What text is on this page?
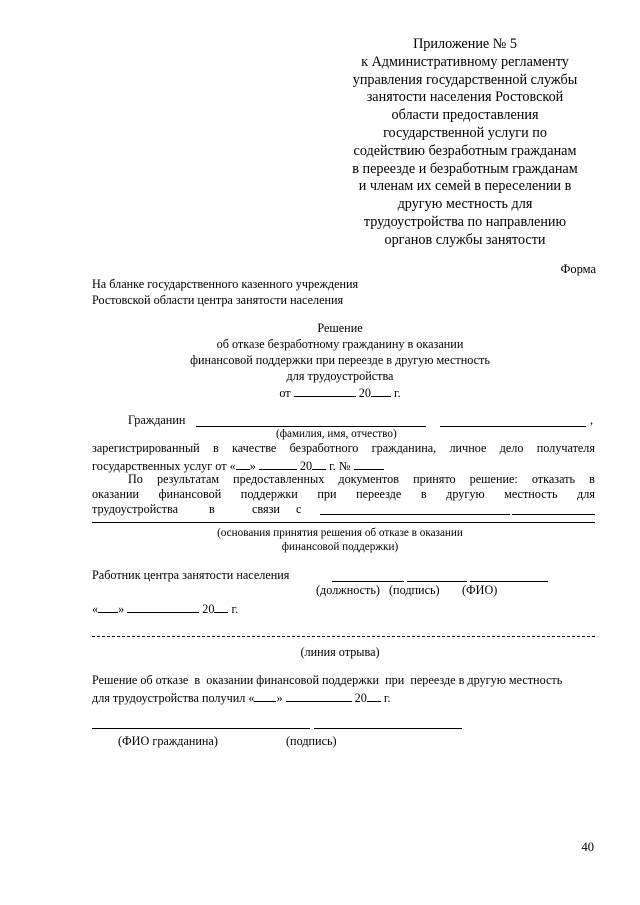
Приложение № 5
к Административному регламенту
управления государственной службы
занятости населения Ростовской
области предоставления
государственной услуги по
содействию безработным гражданам
в переезде и безработным гражданам
и членам их семей в переселении в
другую местность для
трудоустройства по направлению
органов службы занятости
Форма
На бланке государственного казенного учреждения
Ростовской области центра занятости населения
Решение
об отказе безработному гражданину в оказании
финансовой поддержки при переезде в другую местность
для трудоустройства
от	20 г.
Гражданин	,
(фамилия, имя, отчество)
зарегистрированный в качестве безработного гражданина, личное дело получателя
государственных услуг от « »	20 г. №
По результатам предоставленных документов принято решение: отказать в
оказании финансовой поддержки при переезде в другую местность для
трудоустройства	в	связи с
(основания принятия решения об отказе в оказании
финансовой поддержки)
Работник центра занятости населения
(должность) (подпись) (ФИО)
« »	20 г.
(линия отрыва)
Решение об отказе  в  оказании финансовой поддержки  при  переезде в другую местность
для трудоустройства получил « »	20 г.
(ФИО гражданина)	(подпись)
40
